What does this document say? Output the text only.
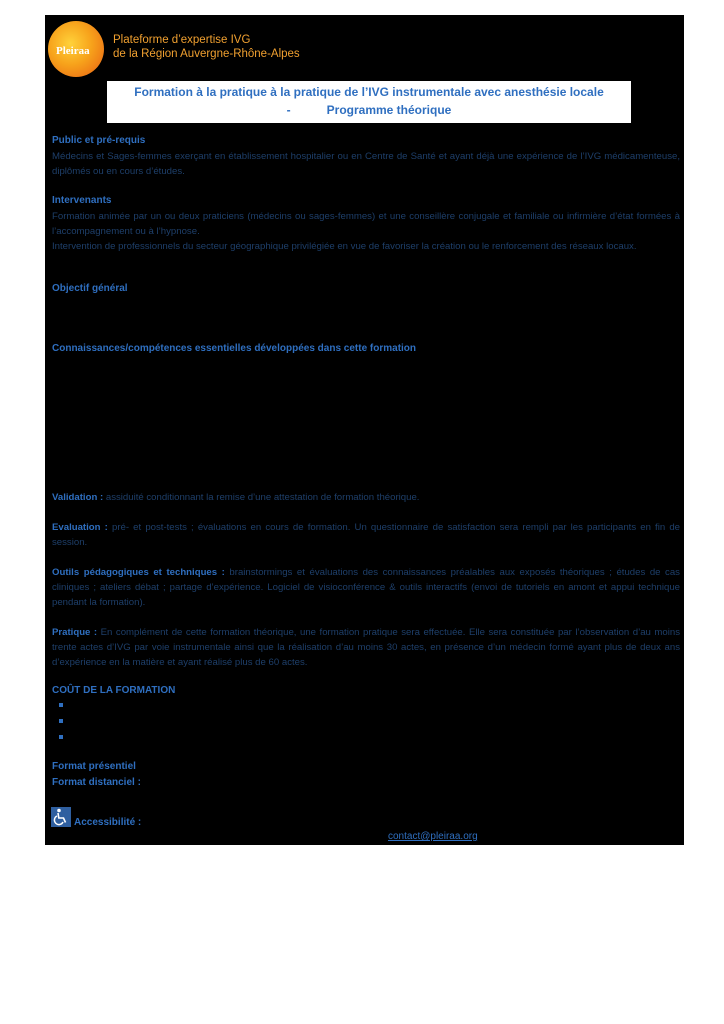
Pleiraa
Plateforme d’expertise IVG
de la Région Auvergne-Rhône-Alpes
Formation à la pratique à la pratique de l’IVG instrumentale avec anesthésie locale
-	Programme théorique
Public et pré-requis
Médecins et Sages-femmes exerçant en établissement hospitalier ou en Centre de Santé et ayant déjà une expérience de l’IVG médicamenteuse, diplômés ou en cours d’études.
Intervenants
Formation animée par un ou deux praticiens (médecins ou sages-femmes) et une conseillère conjugale et familiale ou infirmière d’état formées à l’accompagnement ou à l’hypnose.
Intervention de professionnels du secteur géographique privilégiée en vue de favoriser la création ou le renforcement des réseaux locaux.
Objectif général
Connaissances/compétences essentielles développées dans cette formation
Validation : assiduité conditionnant la remise d’une attestation de formation théorique.
Evaluation : pré- et post-tests ; évaluations en cours de formation. Un questionnaire de satisfaction sera rempli par les participants en fin de session.
Outils pédagogiques et techniques : brainstormings et évaluations des connaissances préalables aux exposés théoriques ; études de cas cliniques ; ateliers débat ; partage d’expérience. Logiciel de visioconférence & outils interactifs (envoi de tutoriels en amont et appui technique pendant la formation).
Pratique : En complément de cette formation théorique, une formation pratique sera effectuée. Elle sera constituée par l’observation d’au moins trente actes d’IVG par voie instrumentale ainsi que la réalisation d’au moins 30 actes, en présence d’un médecin formé ayant plus de deux ans d’expérience en la matière et ayant réalisé plus de 60 actes.
COÛT DE LA FORMATION
Format présentiel
Format distanciel :
Accessibilité :
contact@pleiraa.org
